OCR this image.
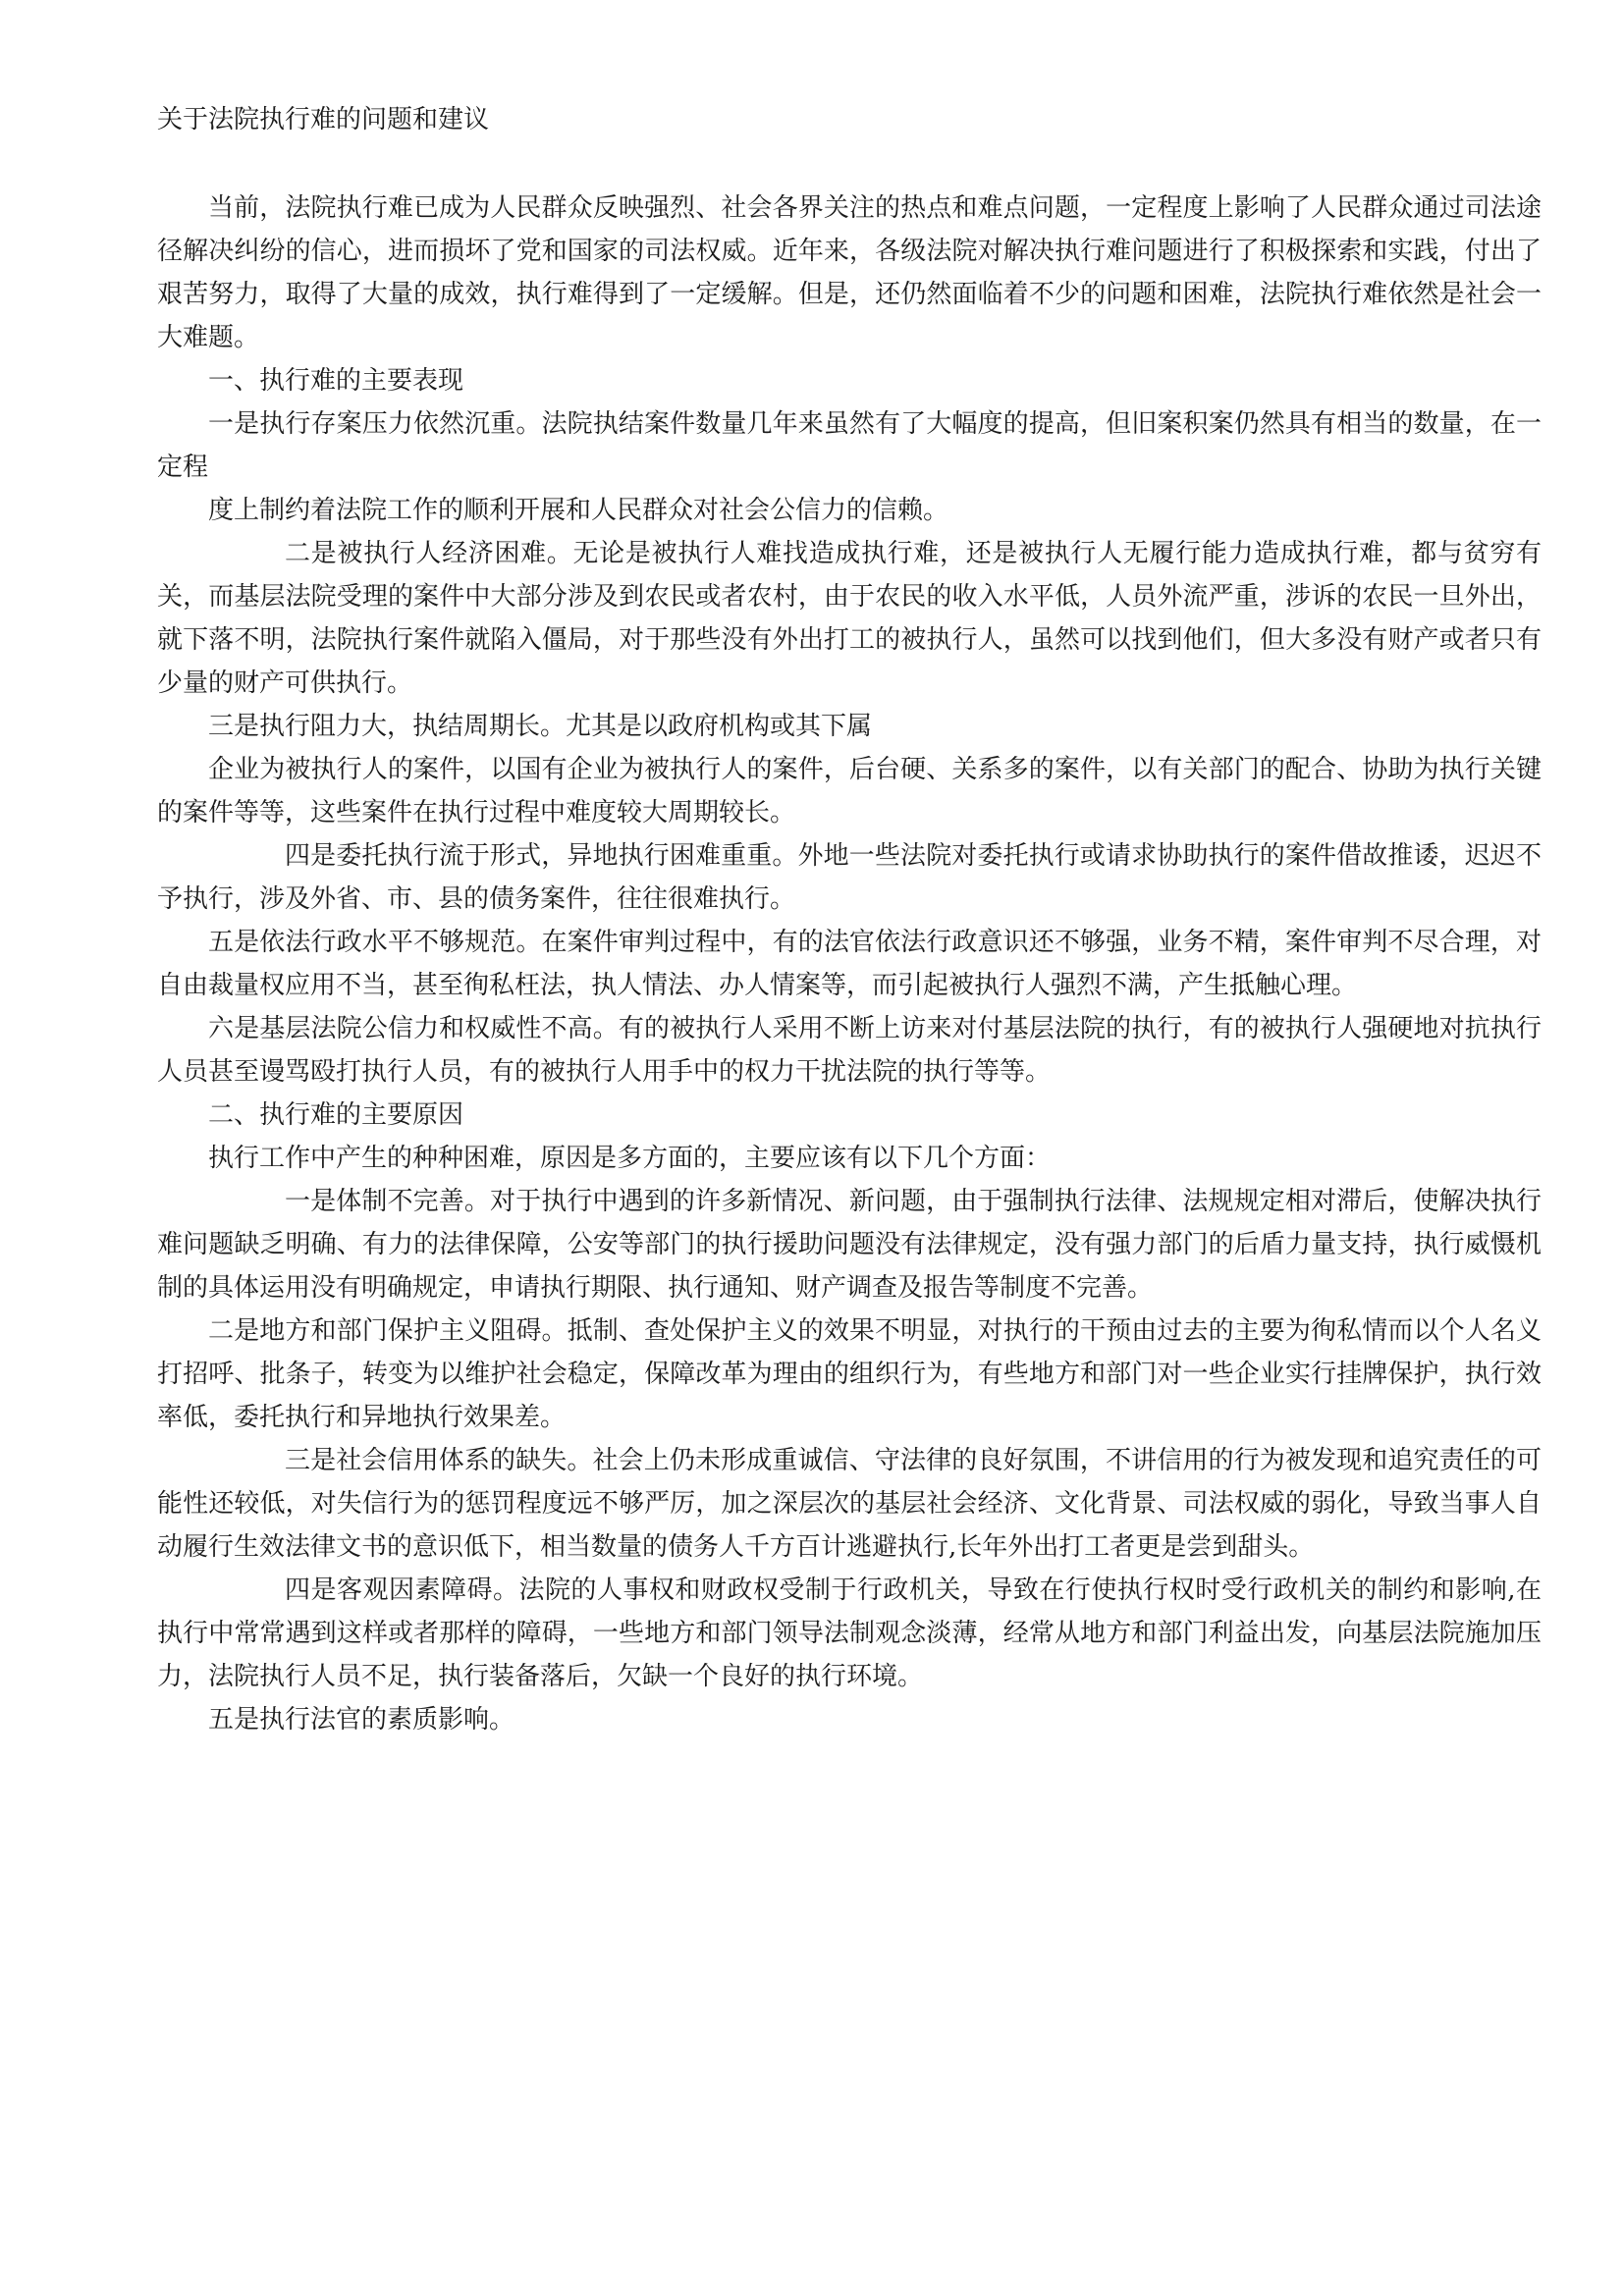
关于法院执行难的问题和建议

当前，法院执行难已成为人民群众反映强烈、社会各界关注的热点和难点问题，一定程度上影响了人民群众通过司法途径解决纠纷的信心，进而损坏了党和国家的司法权威。近年来，各级法院对解决执行难问题进行了积极探索和实践，付出了艰苦努力，取得了大量的成效，执行难得到了一定缓解。但是，还仍然面临着不少的问题和困难，法院执行难依然是社会一大难题。

一、执行难的主要表现

一是执行存案压力依然沉重。法院执结案件数量几年来虽然有了大幅度的提高，但旧案积案仍然具有相当的数量，在一定程

度上制约着法院工作的顺利开展和人民群众对社会公信力的信赖。

二是被执行人经济困难。无论是被执行人难找造成执行难，还是被执行人无履行能力造成执行难，都与贫穷有关，而基层法院受理的案件中大部分涉及到农民或者农村，由于农民的收入水平低，人员外流严重，涉诉的农民一旦外出，就下落不明，法院执行案件就陷入僵局，对于那些没有外出打工的被执行人，虽然可以找到他们，但大多没有财产或者只有少量的财产可供执行。

三是执行阻力大，执结周期长。尤其是以政府机构或其下属

企业为被执行人的案件，以国有企业为被执行人的案件，后台硬、关系多的案件，以有关部门的配合、协助为执行关键的案件等等，这些案件在执行过程中难度较大周期较长。

四是委托执行流于形式，异地执行困难重重。外地一些法院对委托执行或请求协助执行的案件借故推诿，迟迟不予执行，涉及外省、市、县的债务案件，往往很难执行。

五是依法行政水平不够规范。在案件审判过程中，有的法官依法行政意识还不够强，业务不精，案件审判不尽合理，对自由裁量权应用不当，甚至徇私枉法，执人情法、办人情案等，而引起被执行人强烈不满，产生抵触心理。

六是基层法院公信力和权威性不高。有的被执行人采用不断上访来对付基层法院的执行，有的被执行人强硬地对抗执行人员甚至谩骂殴打执行人员，有的被执行人用手中的权力干扰法院的执行等等。

二、执行难的主要原因

执行工作中产生的种种困难，原因是多方面的，主要应该有以下几个方面：

一是体制不完善。对于执行中遇到的许多新情况、新问题，由于强制执行法律、法规规定相对滞后，使解决执行难问题缺乏明确、有力的法律保障，公安等部门的执行援助问题没有法律规定，没有强力部门的后盾力量支持，执行威慑机制的具体运用没有明确规定，申请执行期限、执行通知、财产调查及报告等制度不完善。

二是地方和部门保护主义阻碍。抵制、查处保护主义的效果不明显，对执行的干预由过去的主要为徇私情而以个人名义打招呼、批条子，转变为以维护社会稳定，保障改革为理由的组织行为，有些地方和部门对一些企业实行挂牌保护，执行效率低，委托执行和异地执行效果差。

三是社会信用体系的缺失。社会上仍未形成重诚信、守法律的良好氛围，不讲信用的行为被发现和追究责任的可能性还较低，对失信行为的惩罚程度远不够严厉，加之深层次的基层社会经济、文化背景、司法权威的弱化，导致当事人自动履行生效法律文书的意识低下，相当数量的债务人千方百计逃避执行,长年外出打工者更是尝到甜头。

四是客观因素障碍。法院的人事权和财政权受制于行政机关，导致在行使执行权时受行政机关的制约和影响,在执行中常常遇到这样或者那样的障碍，一些地方和部门领导法制观念淡薄，经常从地方和部门利益出发，向基层法院施加压力，法院执行人员不足，执行装备落后，欠缺一个良好的执行环境。

五是执行法官的素质影响。
